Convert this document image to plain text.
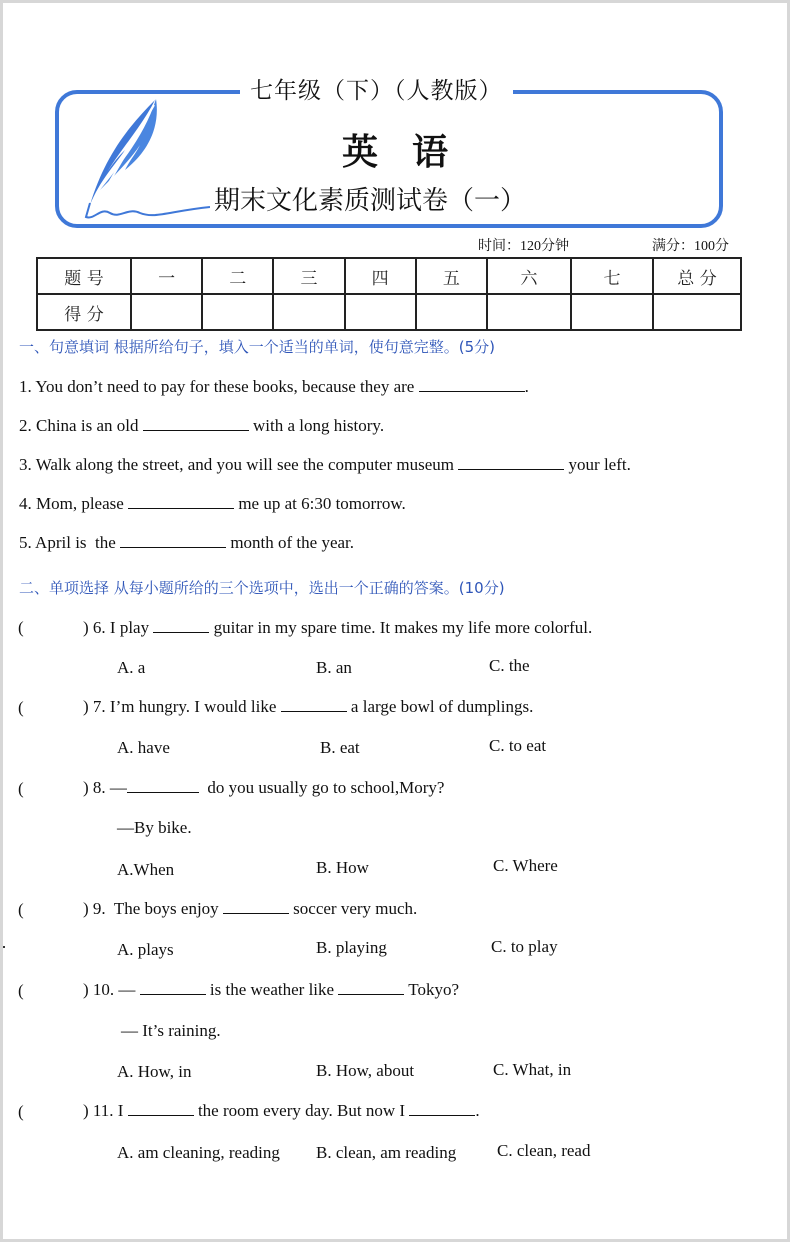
七年级（下）（人教版）
英语
期末文化素质测试卷（一）
时间：120分钟	满分：100分
题 号	一	二	三	四	五	六	七	总 分
得 分								
一、句意填词 根据所给句子，填入一个适当的单词，使句意完整。(5分)
1. You don’t need to pay for these books, because they are	.
2. China is an old	with a long history.
3. Walk along the street, and you will see the computer museum	your left.
4. Mom, please	me up at 6:30 tomorrow.
5. April is  the	month of the year.
二、单项选择 从每小题所给的三个选项中，选出一个正确的答案。(10分)
(	) 6. I play	guitar in my spare time. It makes my life more colorful.
A. a	B. an	C. the
(	) 7. I’m hungry. I would like	a large bowl of dumplings.
A. have	B. eat	C. to eat
(	) 8. —	do you usually go to school,Mory?
—By bike.
A.When	B. How	C. Where
(	) 9.  The boys enjoy	soccer very much.
A. plays	B. playing	C. to play
(	) 10. —	is the weather like	Tokyo?
— It’s raining.
A. How, in	B. How, about	C. What, in
(	) 11. I	the room every day. But now I	.
A. am cleaning, reading B. clean, am reading C. clean, read
